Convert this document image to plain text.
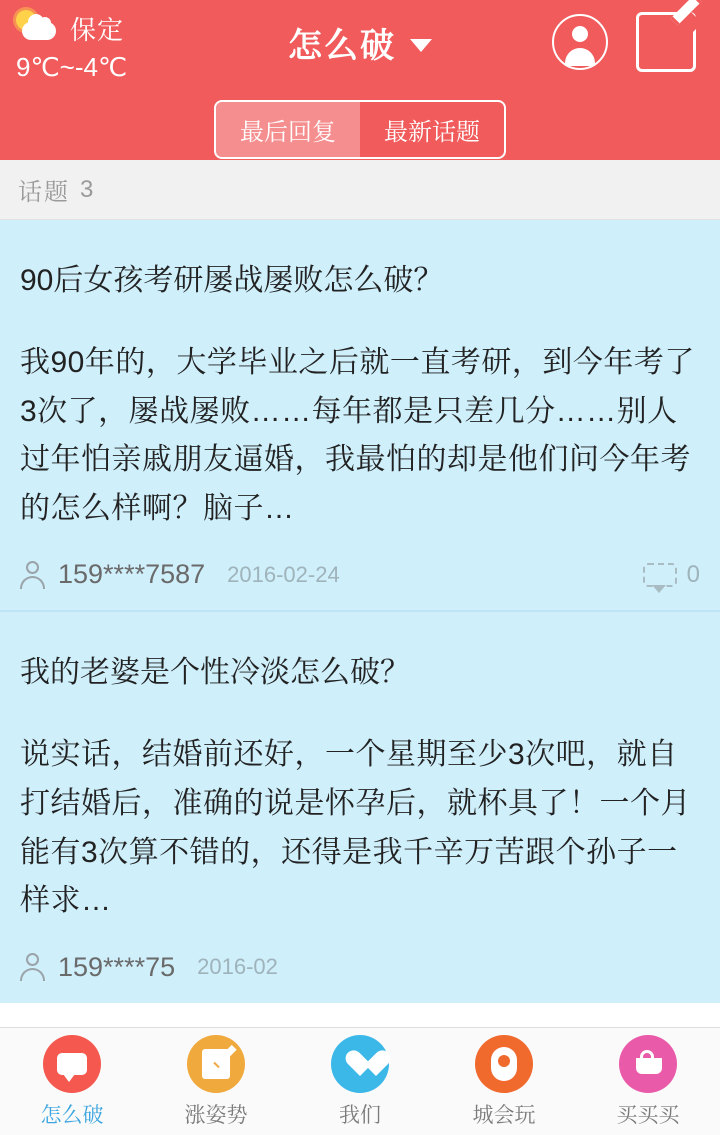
保定
9℃~-4℃
怎么破
最后回复	最新话题
话题 3
90后女孩考研屡战屡败怎么破？
我90年的，大学毕业之后就一直考研，到今年考了3次了，屡战屡败……每年都是只差几分……别人过年怕亲戚朋友逼婚，我最怕的却是他们问今年考的怎么样啊？脑子…
159****7587 2016-02-24	0
我的老婆是个性冷淡怎么破？
说实话，结婚前还好，一个星期至少3次吧，就自打结婚后，准确的说是怀孕后，就杯具了！一个月能有3次算不错的，还得是我千辛万苦跟个孙子一样求…
159****75 2016-02
怎么破	涨姿势	我们	城会玩	买买买
